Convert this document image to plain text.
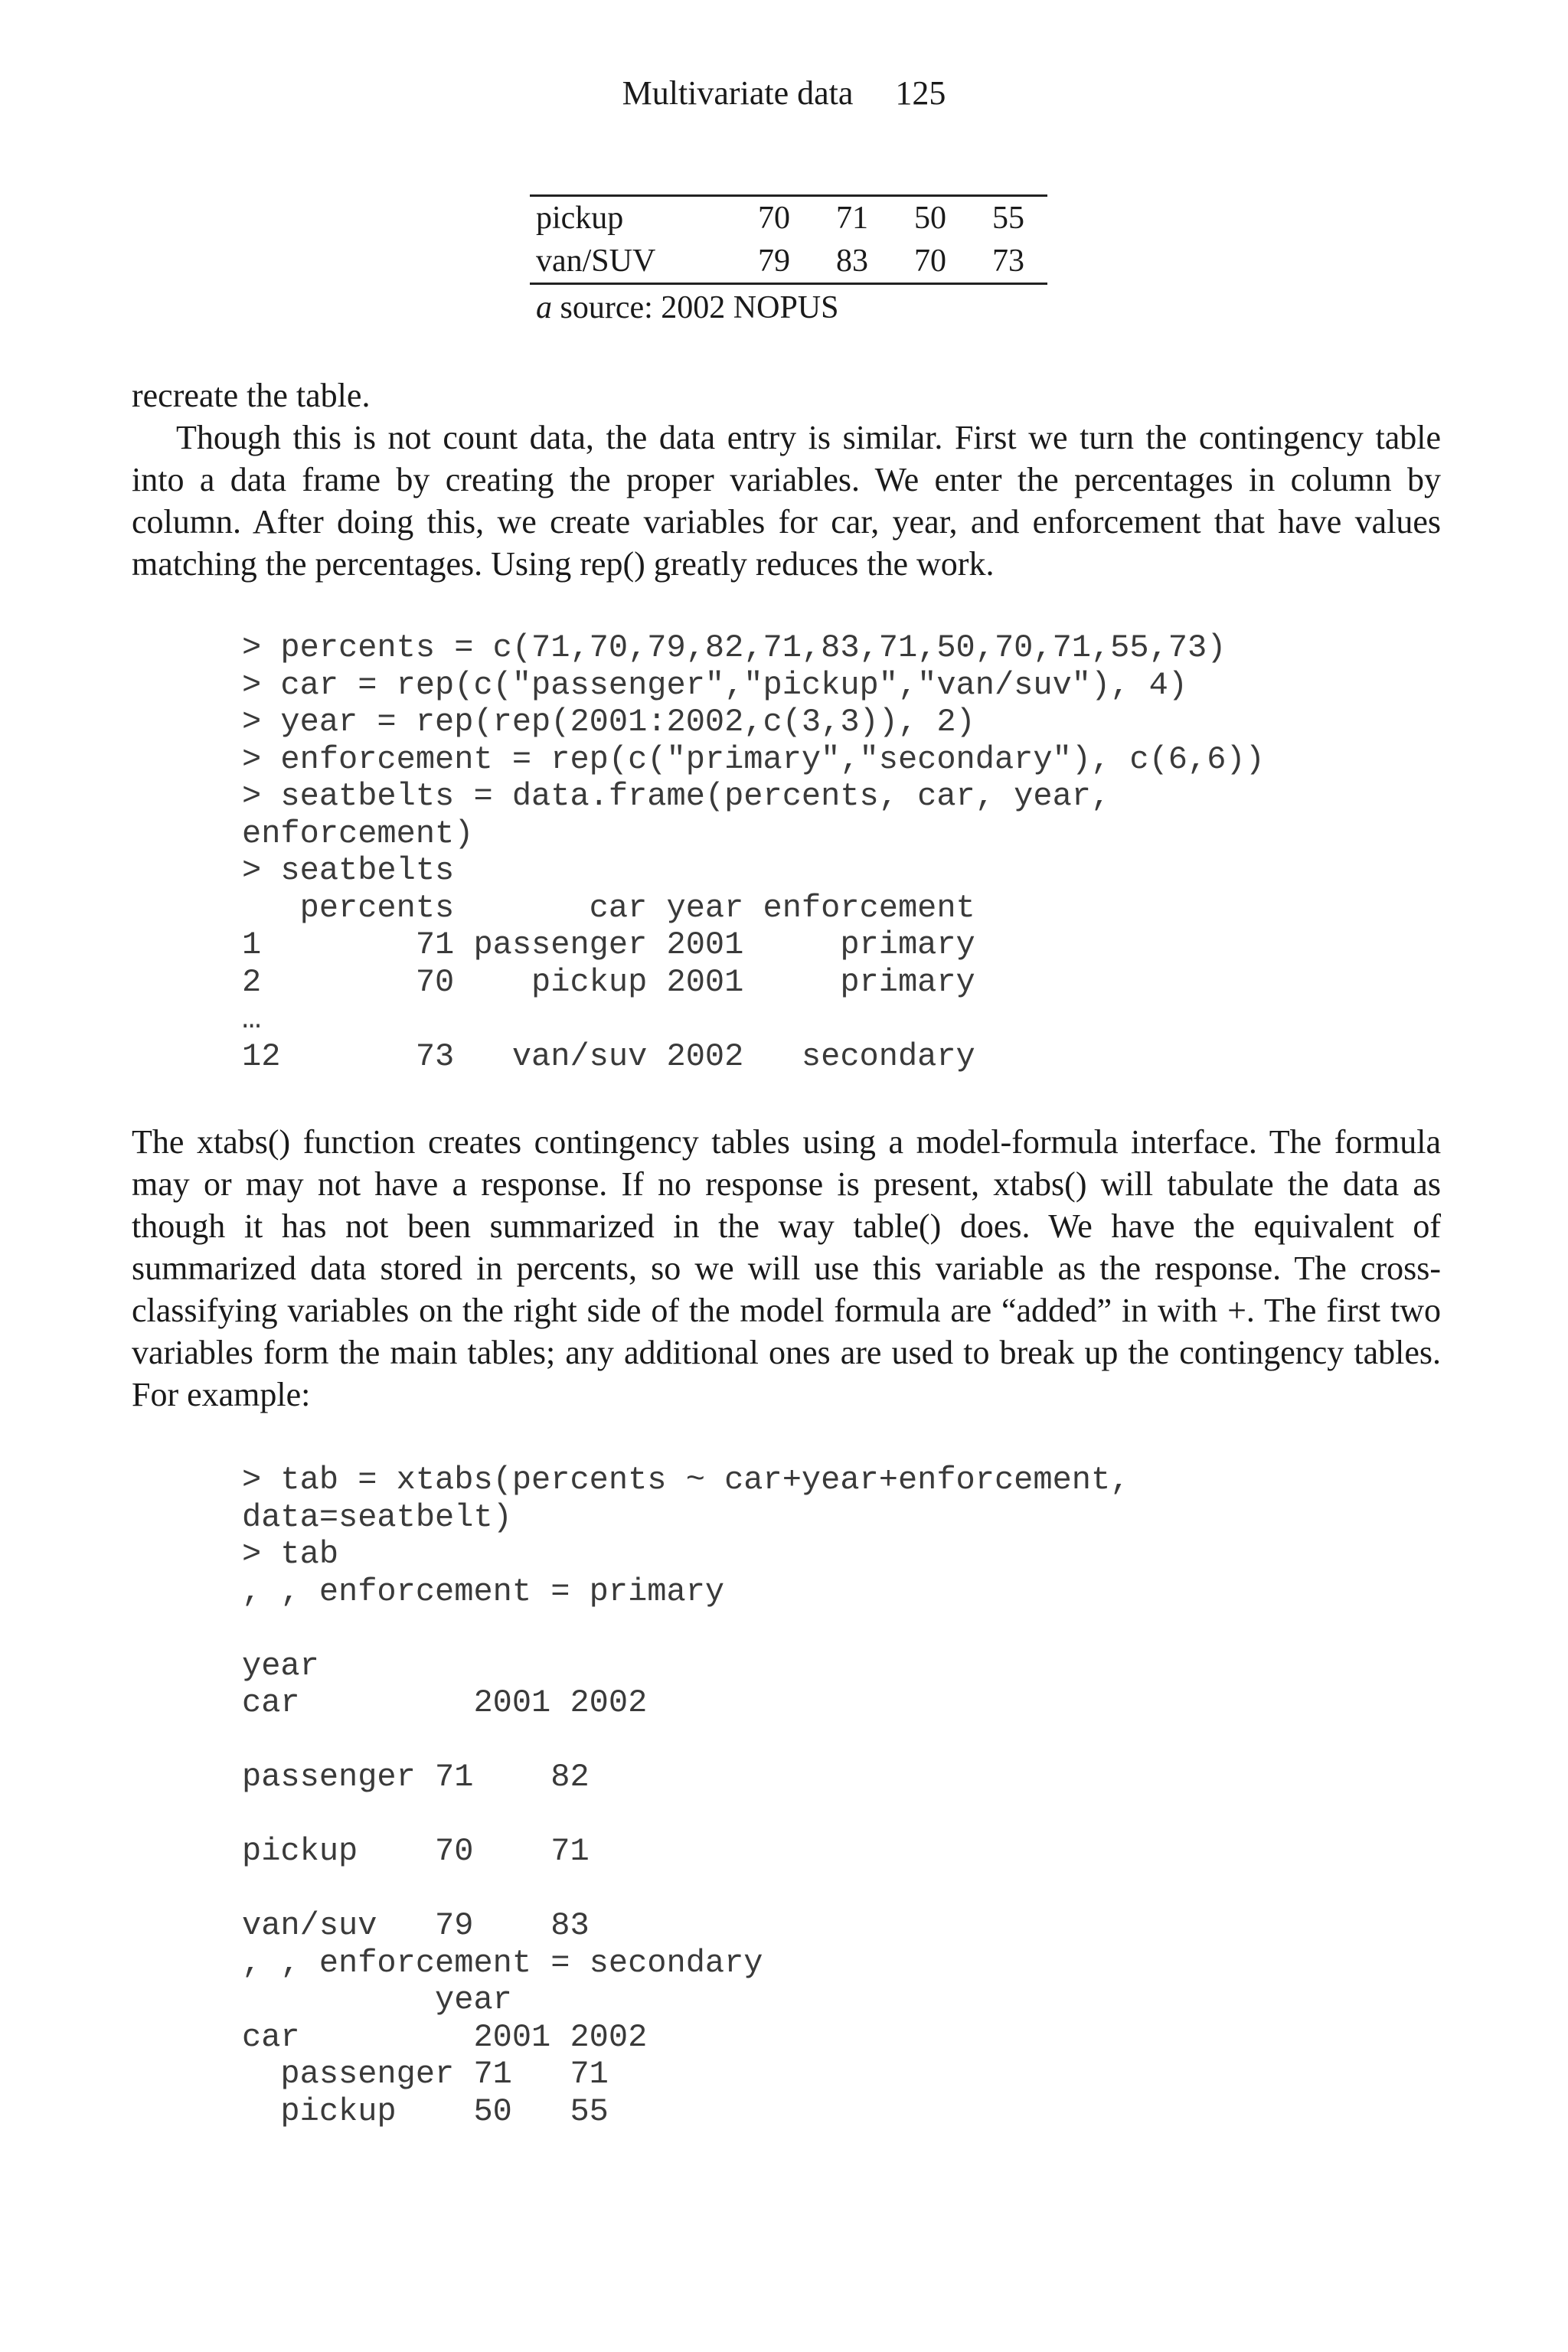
Multivariate data     125
pickup	70	71	50	55
van/SUV	79	83	70	73
a source: 2002 NOPUS

recreate the table.

Though this is not count data, the data entry is similar. First we turn the contingency table into a data frame by creating the proper variables. We enter the percentages in column by column. After doing this, we create variables for car, year, and enforcement that have values matching the percentages. Using rep() greatly reduces the work.

> percents = c(71,70,79,82,71,83,71,50,70,71,55,73)
> car = rep(c("passenger","pickup","van/suv"), 4)
> year = rep(rep(2001:2002,c(3,3)), 2)
> enforcement = rep(c("primary","secondary"), c(6,6))
> seatbelts = data.frame(percents, car, year,
enforcement)
> seatbelts
percents       car year enforcement
1        71 passenger 2001     primary
2        70    pickup 2001     primary
…
12       73   van/suv 2002   secondary

The xtabs() function creates contingency tables using a model-formula interface. The formula may or may not have a response. If no response is present, xtabs() will tabulate the data as though it has not been summarized in the way table() does. We have the equivalent of summarized data stored in percents, so we will use this variable as the response. The cross-classifying variables on the right side of the model formula are “added” in with +. The first two variables form the main tables; any additional ones are used to break up the contingency tables. For example:

> tab = xtabs(percents ~ car+year+enforcement,
data=seatbelt)
> tab
, , enforcement = primary
year
car         2001 2002
passenger 71    82
pickup    70    71
van/suv   79    83
, , enforcement = secondary
year
car         2001 2002
passenger 71   71
pickup    50   55
